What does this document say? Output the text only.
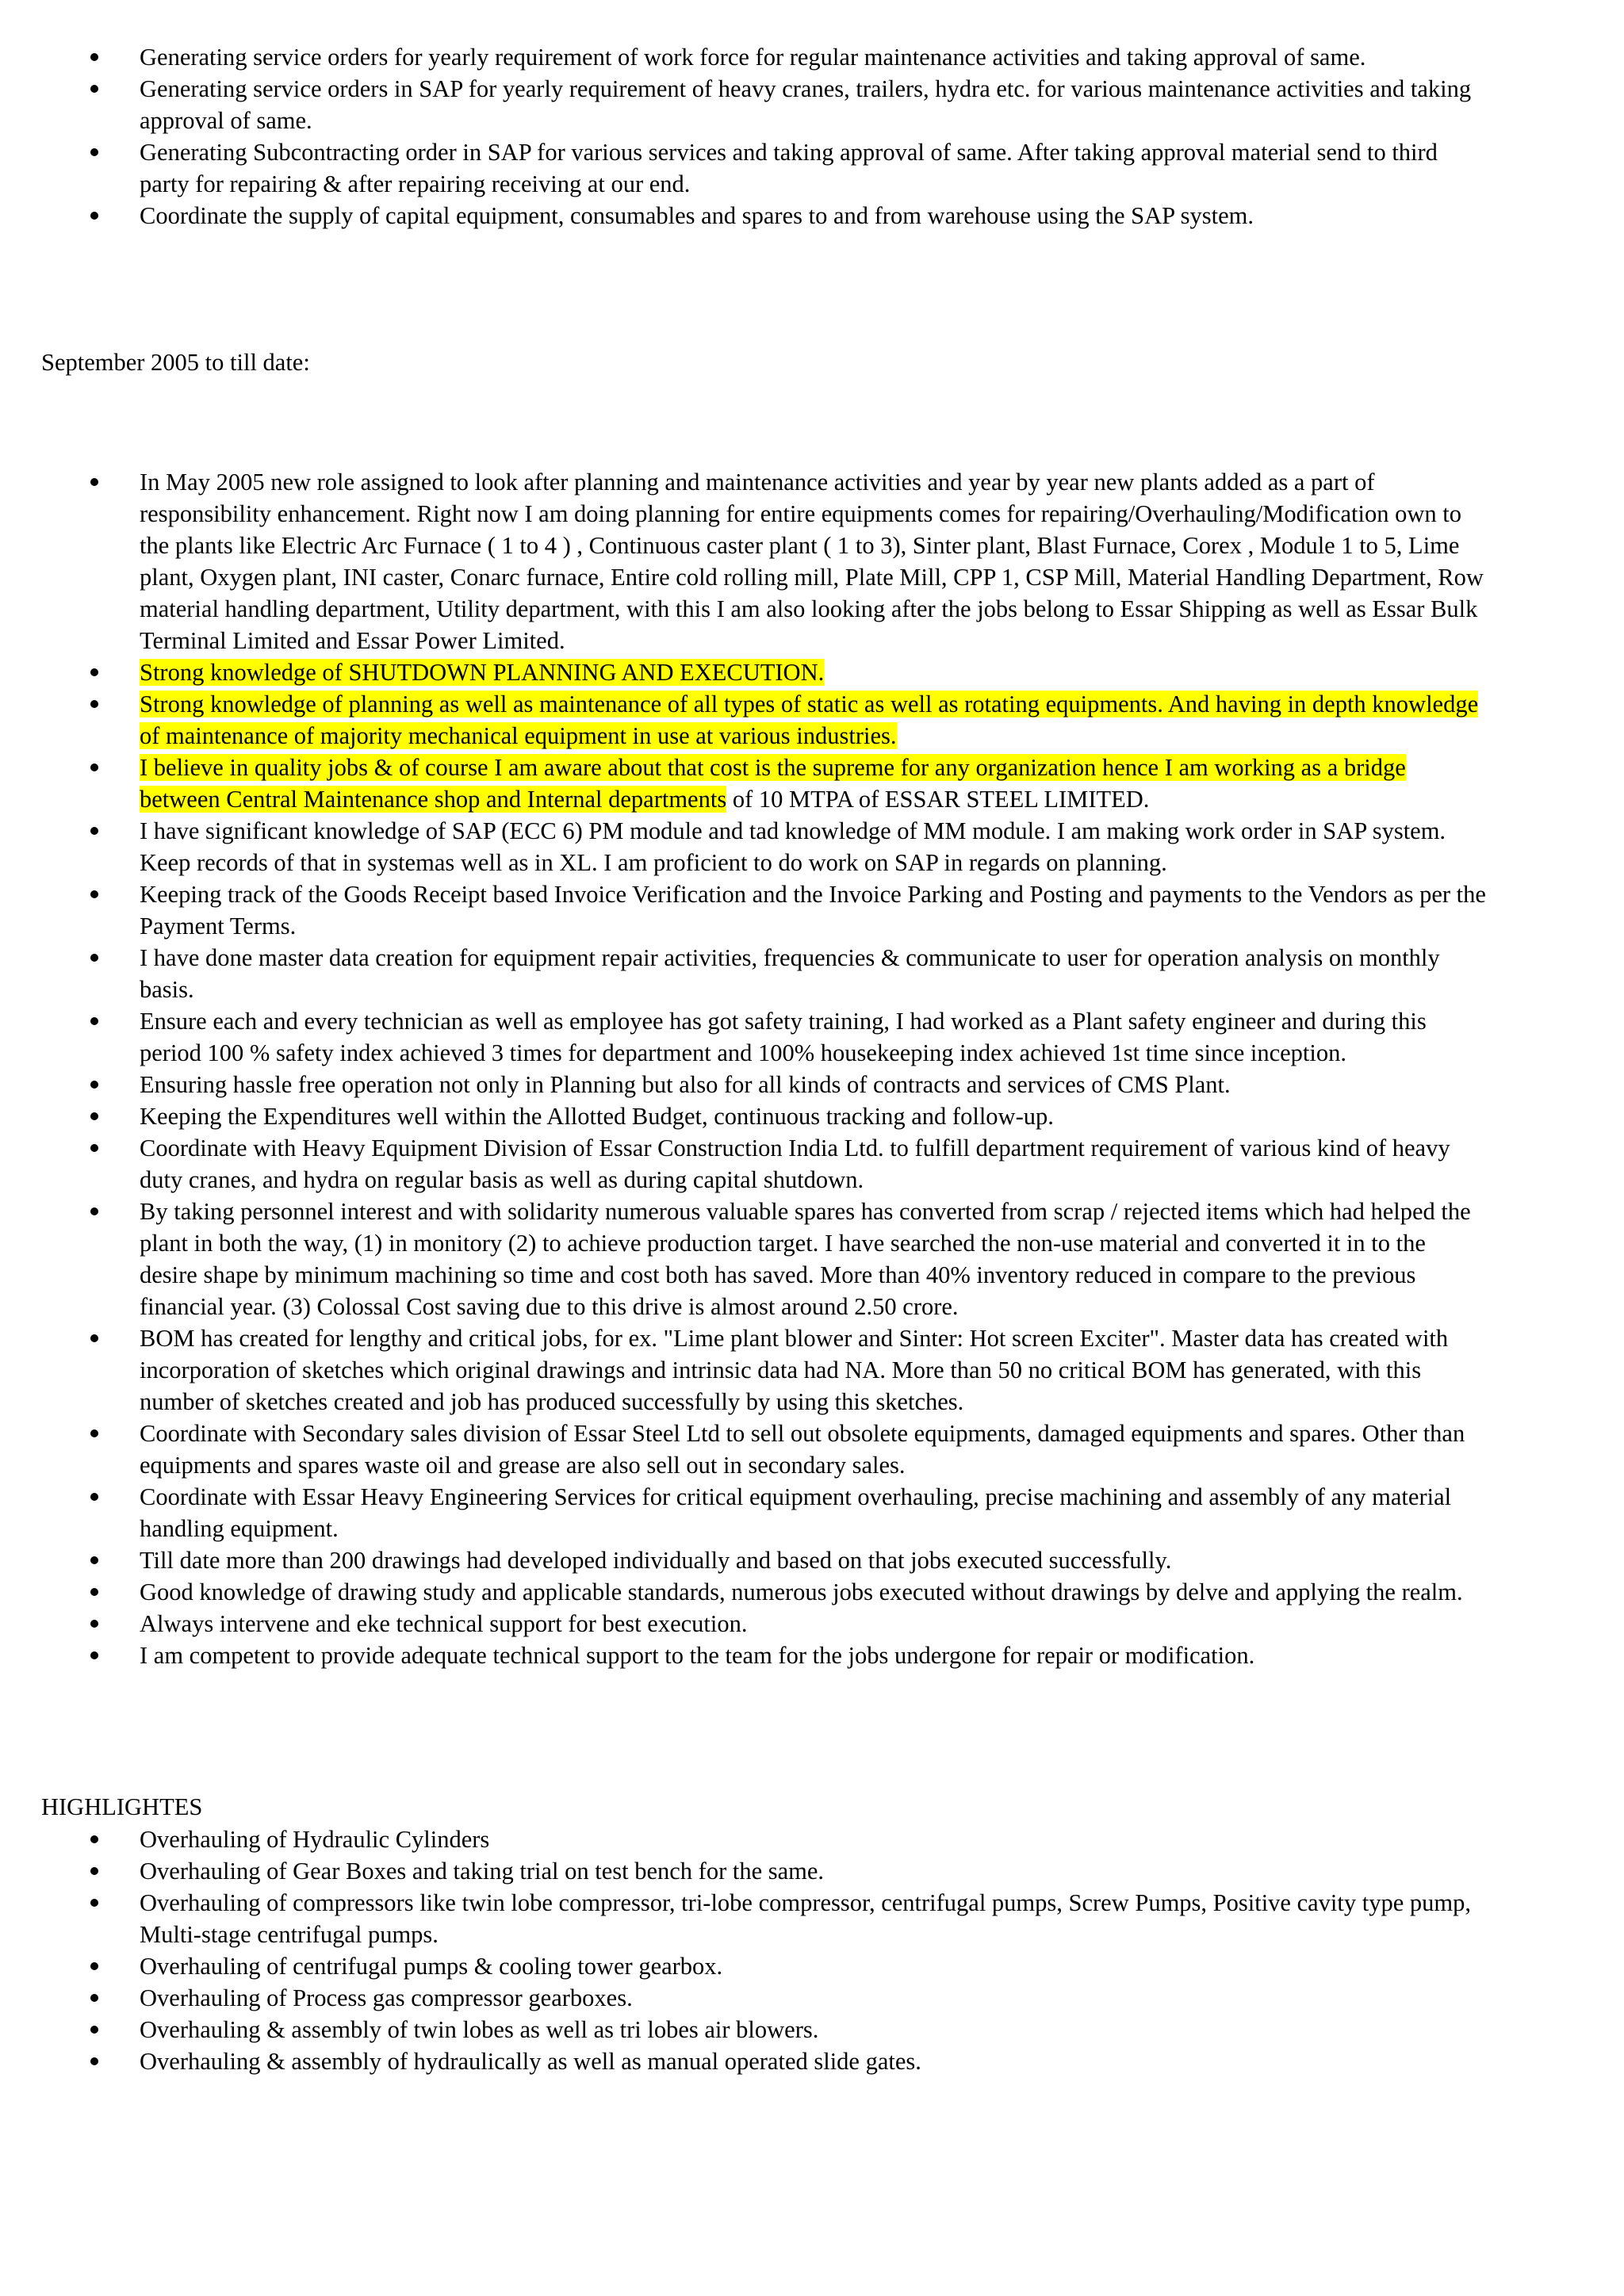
Generating service orders for yearly requirement of work force for regular maintenance activities and taking approval of same.
Generating service orders in SAP for yearly requirement of heavy cranes, trailers, hydra etc. for various maintenance activities and taking approval of same.
Generating Subcontracting order in SAP for various services and taking approval of same. After taking approval material send to third party for repairing & after repairing receiving at our end.
Coordinate the supply of capital equipment, consumables and spares to and from warehouse using the SAP system.

September 2005 to till date:

In May 2005 new role assigned to look after planning and maintenance activities and year by year new plants added as a part of responsibility enhancement. Right now I am doing planning for entire equipments comes for repairing/Overhauling/Modification own to the plants like Electric Arc Furnace ( 1 to 4 ) , Continuous caster plant ( 1 to 3), Sinter plant, Blast Furnace, Corex , Module 1 to 5, Lime plant, Oxygen plant, INI caster, Conarc furnace, Entire cold rolling mill, Plate Mill, CPP 1, CSP Mill, Material Handling Department, Row material handling department, Utility department, with this I am also looking after the jobs belong to Essar Shipping as well as Essar Bulk Terminal Limited and Essar Power Limited.
Strong knowledge of SHUTDOWN PLANNING AND EXECUTION.
Strong knowledge of planning as well as maintenance of all types of static as well as rotating equipments. And having in depth knowledge of maintenance of majority mechanical equipment in use at various industries.
I believe in quality jobs & of course I am aware about that cost is the supreme for any organization hence I am working as a bridge between Central Maintenance shop and Internal departments of 10 MTPA of ESSAR STEEL LIMITED.
I have significant knowledge of SAP (ECC 6) PM module and tad knowledge of MM module. I am making work order in SAP system. Keep records of that in systemas well as in XL. I am proficient to do work on SAP in regards on planning.
Keeping track of the Goods Receipt based Invoice Verification and the Invoice Parking and Posting and payments to the Vendors as per the Payment Terms.
I have done master data creation for equipment repair activities, frequencies & communicate to user for operation analysis on monthly basis.
Ensure each and every technician as well as employee has got safety training, I had worked as a Plant safety engineer and during this period 100 % safety index achieved 3 times for department and 100% housekeeping index achieved 1st time since inception.
Ensuring hassle free operation not only in Planning but also for all kinds of contracts and services of CMS Plant.
Keeping the Expenditures well within the Allotted Budget, continuous tracking and follow-up.
Coordinate with Heavy Equipment Division of Essar Construction India Ltd. to fulfill department requirement of various kind of heavy duty cranes, and hydra on regular basis as well as during capital shutdown.
By taking personnel interest and with solidarity numerous valuable spares has converted from scrap / rejected items which had helped the plant in both the way, (1) in monitory (2) to achieve production target. I have searched the non-use material and converted it in to the desire shape by minimum machining so time and cost both has saved. More than 40% inventory reduced in compare to the previous financial year. (3) Colossal Cost saving due to this drive is almost around 2.50 crore.
BOM has created for lengthy and critical jobs, for ex. "Lime plant blower and Sinter: Hot screen Exciter". Master data has created with incorporation of sketches which original drawings and intrinsic data had NA. More than 50 no critical BOM has generated, with this number of sketches created and job has produced successfully by using this sketches.
Coordinate with Secondary sales division of Essar Steel Ltd to sell out obsolete equipments, damaged equipments and spares. Other than equipments and spares waste oil and grease are also sell out in secondary sales.
Coordinate with Essar Heavy Engineering Services for critical equipment overhauling, precise machining and assembly of any material handling equipment.
Till date more than 200 drawings had developed individually and based on that jobs executed successfully.
Good knowledge of drawing study and applicable standards, numerous jobs executed without drawings by delve and applying the realm.
Always intervene and eke technical support for best execution.
I am competent to provide adequate technical support to the team for the jobs undergone for repair or modification.

HIGHLIGHTES

Overhauling of Hydraulic Cylinders
Overhauling of Gear Boxes and taking trial on test bench for the same.
Overhauling of compressors like twin lobe compressor, tri-lobe compressor, centrifugal pumps, Screw Pumps, Positive cavity type pump, Multi-stage centrifugal pumps.
Overhauling of centrifugal pumps & cooling tower gearbox.
Overhauling of Process gas compressor gearboxes.
Overhauling & assembly of twin lobes as well as tri lobes air blowers.
Overhauling & assembly of hydraulically as well as manual operated slide gates.
